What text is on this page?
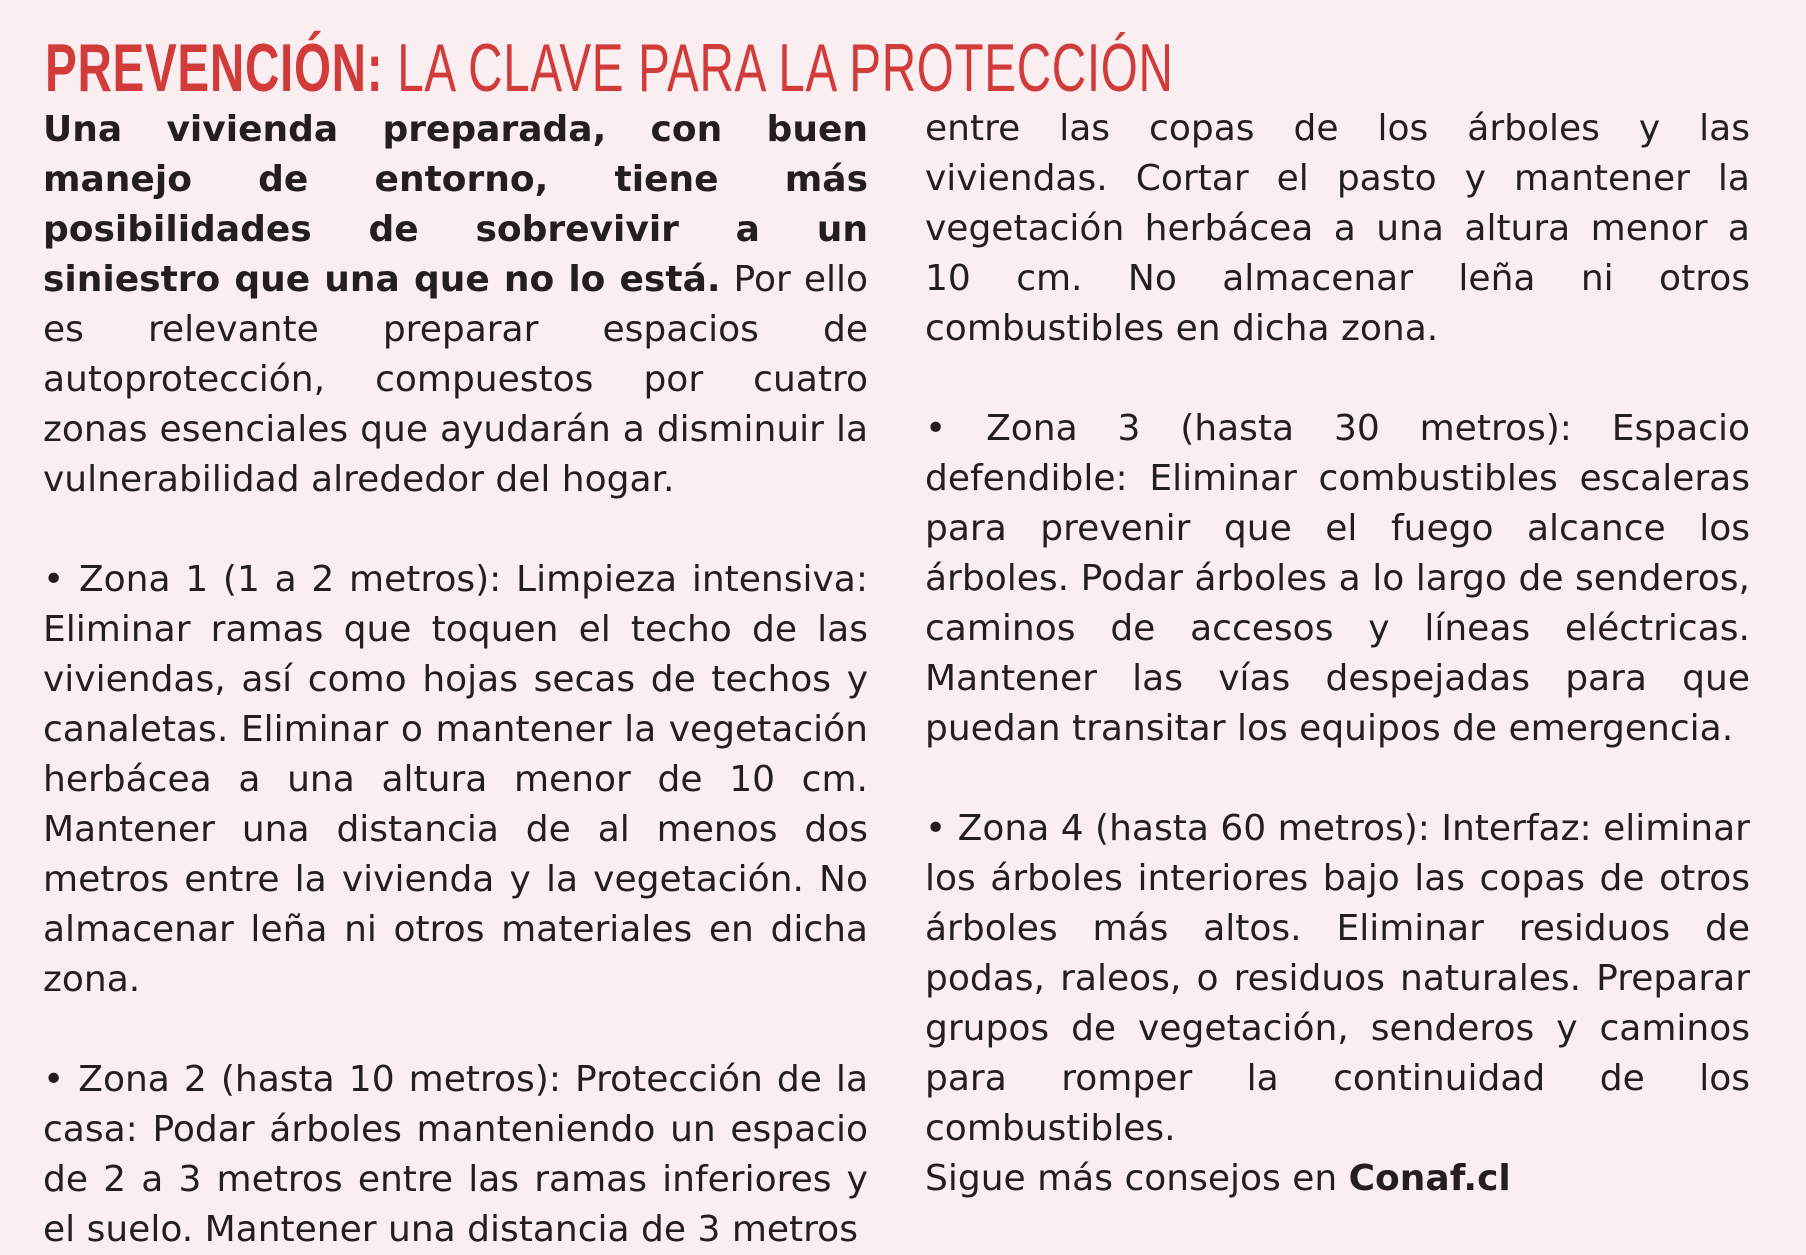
PREVENCIÓN: LA CLAVE PARA LA PROTECCIÓN

Una vivienda preparada, con buen manejo de entorno, tiene más posibilidades de sobrevivir a un siniestro que una que no lo está. Por ello es relevante preparar espacios de autoprotección, compuestos por cuatro zonas esenciales que ayudarán a disminuir la vulnerabilidad alrededor del hogar.

• Zona 1 (1 a 2 metros): Limpieza intensiva: Eliminar ramas que toquen el techo de las viviendas, así como hojas secas de techos y canaletas. Eliminar o mantener la vegetación herbácea a una altura menor de 10 cm. Mantener una distancia de al menos dos metros entre la vivienda y la vegetación. No almacenar leña ni otros materiales en dicha zona.

• Zona 2 (hasta 10 metros): Protección de la casa: Podar árboles manteniendo un espacio de 2 a 3 metros entre las ramas inferiores y el suelo. Mantener una distancia de 3 metros

entre las copas de los árboles y las viviendas. Cortar el pasto y mantener la vegetación herbácea a una altura menor a 10 cm. No almacenar leña ni otros combustibles en dicha zona.

• Zona 3 (hasta 30 metros): Espacio defendible: Eliminar combustibles escaleras para prevenir que el fuego alcance los árboles. Podar árboles a lo largo de senderos, caminos de accesos y líneas eléctricas. Mantener las vías despejadas para que puedan transitar los equipos de emergencia.

• Zona 4 (hasta 60 metros): Interfaz: eliminar los árboles interiores bajo las copas de otros árboles más altos. Eliminar residuos de podas, raleos, o residuos naturales. Preparar grupos de vegetación, senderos y caminos para romper la continuidad de los combustibles.

Sigue más consejos en Conaf.cl
